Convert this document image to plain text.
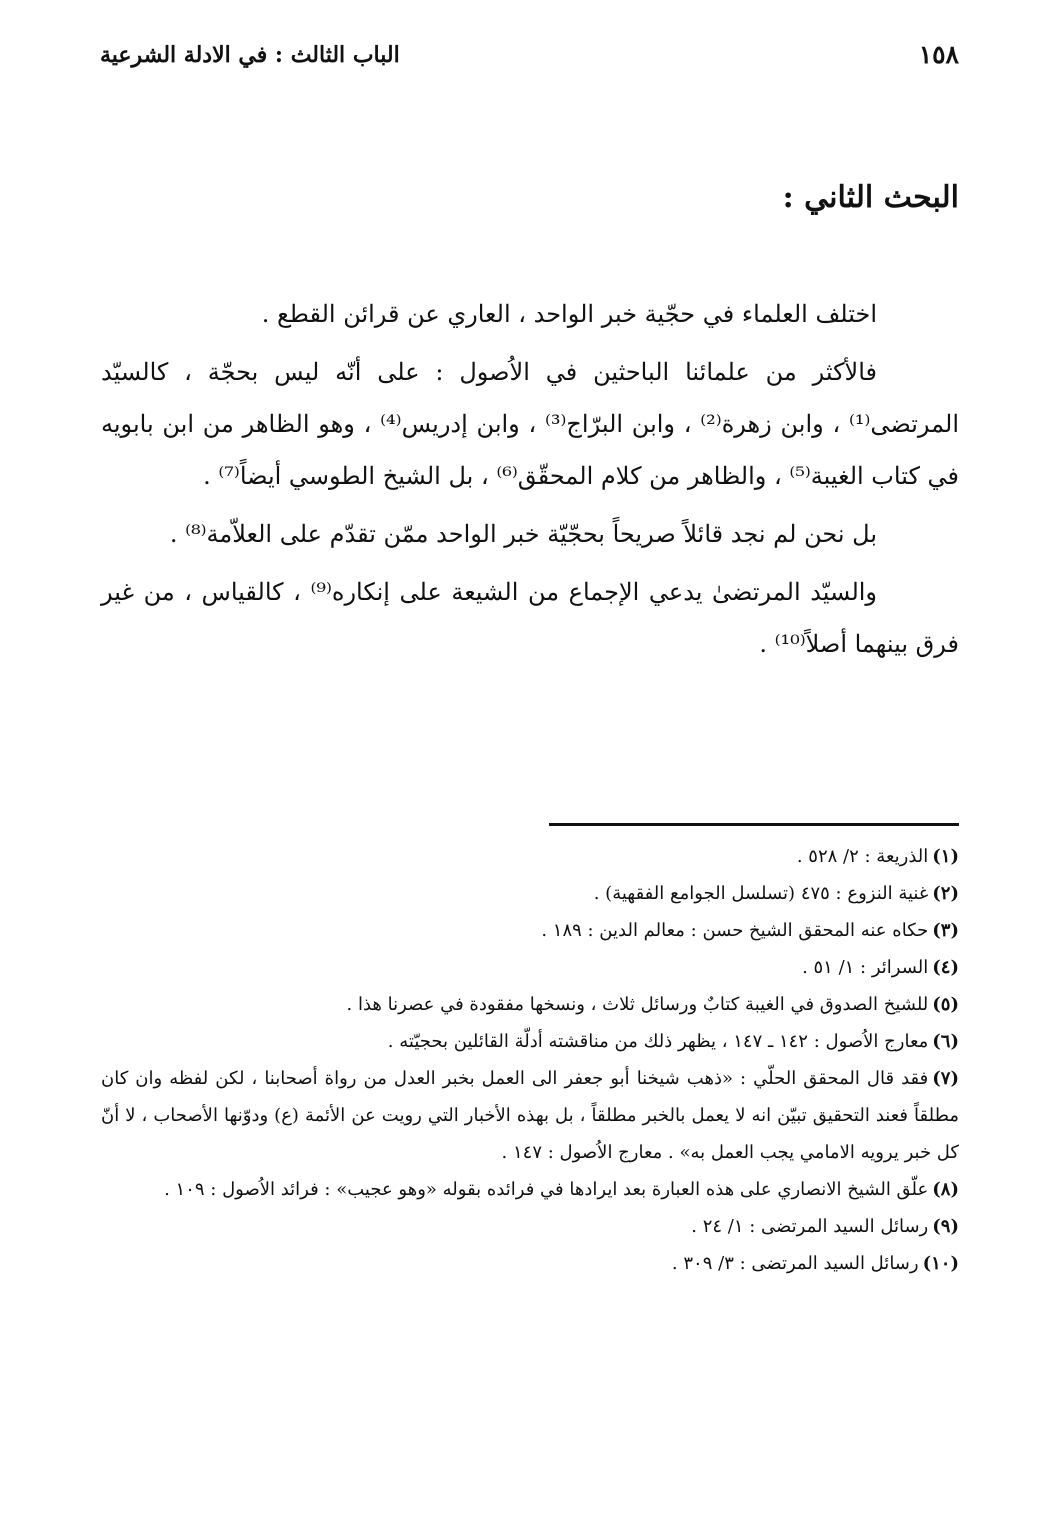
١٥٨
الباب الثالث : في الادلة الشرعية
البحث الثاني :

اختلف العلماء في حجّية خبر الواحد ، العاري عن قرائن القطع .

فالأكثر من علمائنا الباحثين في الاُصول : على أنّه ليس بحجّة ، كالسيّد المرتضى⁽¹⁾ ، وابن زهرة⁽²⁾ ، وابن البرّاج⁽³⁾ ، وابن إدريس⁽⁴⁾ ، وهو الظاهر من ابن بابويه في كتاب الغيبة⁽⁵⁾ ، والظاهر من كلام المحقّق⁽⁶⁾ ، بل الشيخ الطوسي أيضاً⁽⁷⁾ .

بل نحن لم نجد قائلاً صريحاً بحجّيّة خبر الواحد ممّن تقدّم على العلاّمة⁽⁸⁾ .

والسيّد المرتضىٰ يدعي الإجماع من الشيعة على إنكاره⁽⁹⁾ ، كالقياس ، من غير فرق بينهما أصلاً⁽¹⁰⁾ .

(١)الذريعة : ٢/ ٥٢٨ .

(٢)غنية النزوع : ٤٧٥ (تسلسل الجوامع الفقهية) .

(٣)حكاه عنه المحقق الشيخ حسن : معالم الدين : ١٨٩ .

(٤)السرائر : ١/ ٥١ .

(٥)للشيخ الصدوق في الغيبة كتابٌ ورسائل ثلاث ، ونسخها مفقودة في عصرنا هذا .

(٦)معارج الاُصول : ١٤٢ ـ ١٤٧ ، يظهر ذلك من مناقشته أدلّة القائلين بحجيّته .

(٧)فقد قال المحقق الحلّي : «ذهب شيخنا أبو جعفر الى العمل بخبر العدل من رواة أصحابنا ، لكن لفظه وان كان مطلقاً فعند التحقيق تبيّن انه لا يعمل بالخبر مطلقاً ، بل بهذه الأخبار التي رويت عن الأئمة (ع) ودوّنها الأصحاب ، لا أنّ كل خبر يرويه الامامي يجب العمل به» . معارج الاُصول : ١٤٧ .

(٨)علّق الشيخ الانصاري على هذه العبارة بعد ايرادها في فرائده بقوله «وهو عجيب» : فرائد الاُصول : ١٠٩ .

(٩)رسائل السيد المرتضى : ١/ ٢٤ .

(١٠)رسائل السيد المرتضى : ٣/ ٣٠٩ .
